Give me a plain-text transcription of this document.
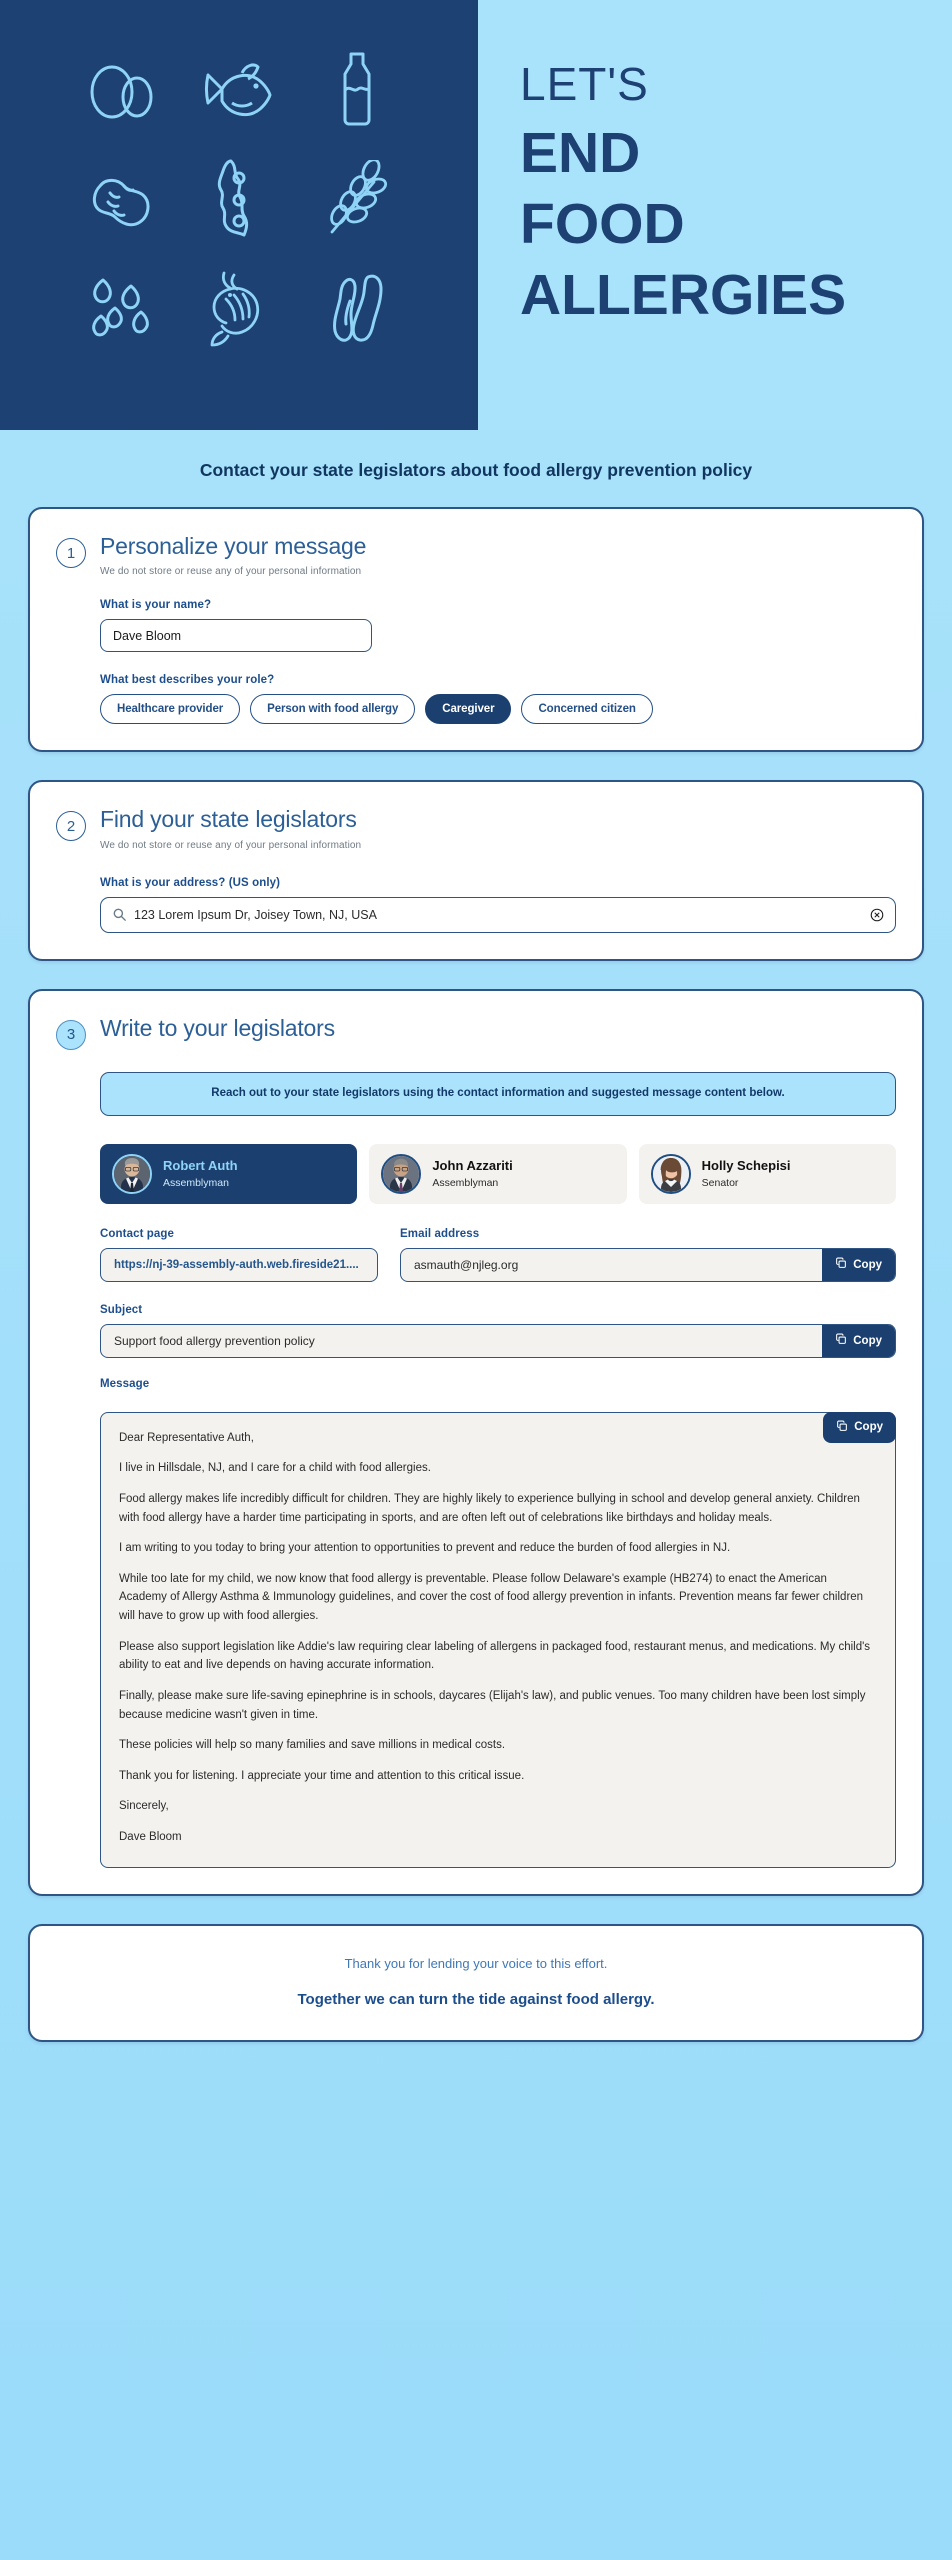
LET'S
END
FOOD
ALLERGIES
Contact your state legislators about food allergy prevention policy
1	Personalize your message
We do not store or reuse any of your personal information
What is your name?
Dave Bloom
What best describes your role?
Healthcare provider	Person with food allergy	Caregiver	Concerned citizen
2	Find your state legislators
We do not store or reuse any of your personal information
What is your address? (US only)
123 Lorem Ipsum Dr, Joisey Town, NJ, USA
3	Write to your legislators
Reach out to your state legislators using the contact information and suggested message content below.
Robert Auth
Assemblyman
John Azzariti
Assemblyman
Holly Schepisi
Senator
Contact page
https://nj-39-assembly-auth.web.fireside21....
Email address
asmauth@njleg.org	Copy
Subject
Support food allergy prevention policy	Copy
Message

Dear Representative Auth,

I live in Hillsdale, NJ, and I care for a child with food allergies.

Food allergy makes life incredibly difficult for children. They are highly likely to experience bullying in school and develop general anxiety. Children with food allergy have a harder time participating in sports, and are often left out of celebrations like birthdays and holiday meals.

I am writing to you today to bring your attention to opportunities to prevent and reduce the burden of food allergies in NJ.

While too late for my child, we now know that food allergy is preventable. Please follow Delaware's example (HB274) to enact the American Academy of Allergy Asthma & Immunology guidelines, and cover the cost of food allergy prevention in infants. Prevention means far fewer children will have to grow up with food allergies.

Please also support legislation like Addie's law requiring clear labeling of allergens in packaged food, restaurant menus, and medications. My child's ability to eat and live depends on having accurate information.

Finally, please make sure life-saving epinephrine is in schools, daycares (Elijah's law), and public venues. Too many children have been lost simply because medicine wasn't given in time.

These policies will help so many families and save millions in medical costs.

Thank you for listening. I appreciate your time and attention to this critical issue.

Sincerely,

Dave Bloom

Copy
Thank you for lending your voice to this effort.
Together we can turn the tide against food allergy.
